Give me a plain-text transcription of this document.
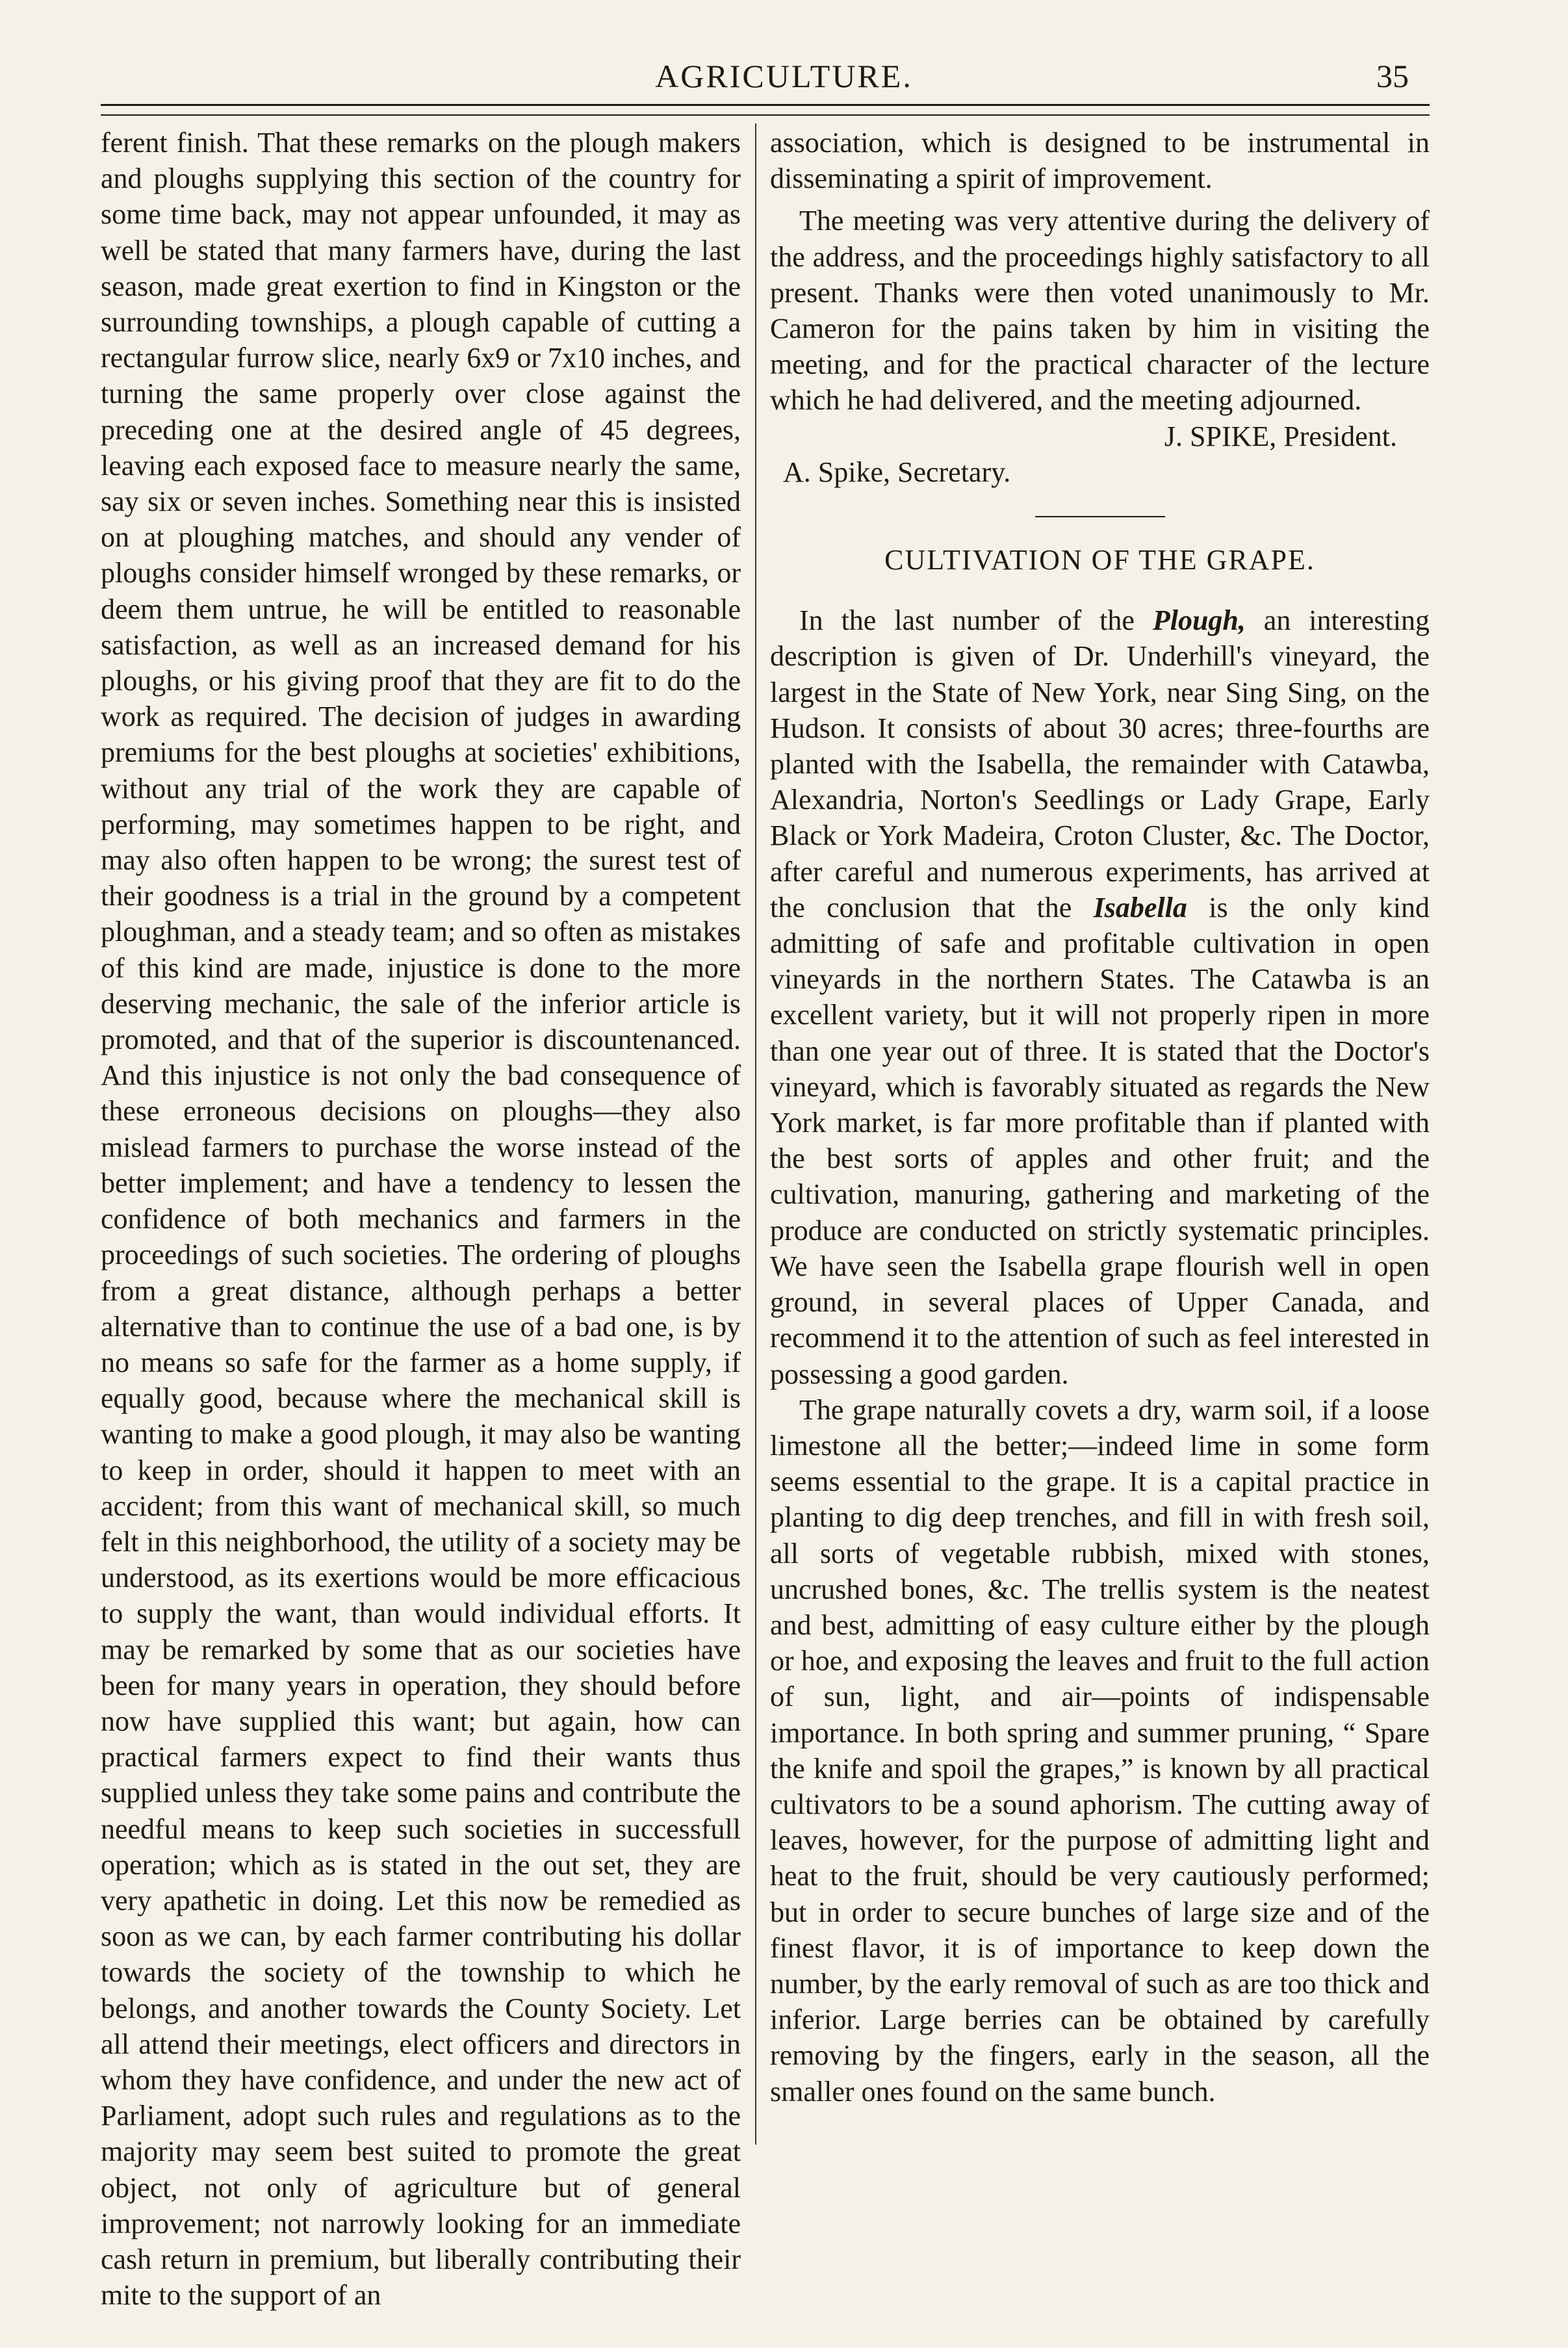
AGRICULTURE.	35

ferent finish. That these remarks on the plough makers and ploughs supplying this section of the country for some time back, may not appear unfounded, it may as well be stated that many farmers have, during the last season, made great exertion to find in Kingston or the surrounding townships, a plough capable of cutting a rectangular furrow slice, nearly 6x9 or 7x10 inches, and turning the same properly over close against the preceding one at the desired angle of 45 degrees, leaving each exposed face to measure nearly the same, say six or seven inches. Something near this is insisted on at ploughing matches, and should any vender of ploughs consider himself wronged by these remarks, or deem them untrue, he will be entitled to reasonable satisfaction, as well as an increased demand for his ploughs, or his giving proof that they are fit to do the work as required. The decision of judges in awarding premiums for the best ploughs at societies' exhibitions, without any trial of the work they are capable of performing, may sometimes happen to be right, and may also often happen to be wrong; the surest test of their goodness is a trial in the ground by a competent ploughman, and a steady team; and so often as mistakes of this kind are made, injustice is done to the more deserving mechanic, the sale of the inferior article is promoted, and that of the superior is discountenanced. And this injustice is not only the bad consequence of these erroneous decisions on ploughs—they also mislead farmers to purchase the worse instead of the better implement; and have a tendency to lessen the confidence of both mechanics and farmers in the proceedings of such societies. The ordering of ploughs from a great distance, although perhaps a better alternative than to continue the use of a bad one, is by no means so safe for the farmer as a home supply, if equally good, because where the mechanical skill is wanting to make a good plough, it may also be wanting to keep in order, should it happen to meet with an accident; from this want of mechanical skill, so much felt in this neighborhood, the utility of a society may be understood, as its exertions would be more efficacious to supply the want, than would individual efforts. It may be remarked by some that as our societies have been for many years in operation, they should before now have supplied this want; but again, how can practical farmers expect to find their wants thus supplied unless they take some pains and contribute the needful means to keep such societies in successfull operation; which as is stated in the out set, they are very apathetic in doing. Let this now be remedied as soon as we can, by each farmer contributing his dollar towards the society of the township to which he belongs, and another towards the County Society. Let all attend their meetings, elect officers and directors in whom they have confidence, and under the new act of Parliament, adopt such rules and regulations as to the majority may seem best suited to promote the great object, not only of agriculture but of general improvement; not narrowly looking for an immediate cash return in premium, but liberally contributing their mite to the support of an

association, which is designed to be instrumental in disseminating a spirit of improvement.

The meeting was very attentive during the delivery of the address, and the proceedings highly satisfactory to all present. Thanks were then voted unanimously to Mr. Cameron for the pains taken by him in visiting the meeting, and for the practical character of the lecture which he had delivered, and the meeting adjourned.

J. SPIKE, President.

A. Spike, Secretary.

CULTIVATION OF THE GRAPE.

In the last number of the Plough, an interesting description is given of Dr. Underhill's vineyard, the largest in the State of New York, near Sing Sing, on the Hudson. It consists of about 30 acres; three-fourths are planted with the Isabella, the remainder with Catawba, Alexandria, Norton's Seedlings or Lady Grape, Early Black or York Madeira, Croton Cluster, &c. The Doctor, after careful and numerous experiments, has arrived at the conclusion that the Isabella is the only kind admitting of safe and profitable cultivation in open vineyards in the northern States. The Catawba is an excellent variety, but it will not properly ripen in more than one year out of three. It is stated that the Doctor's vineyard, which is favorably situated as regards the New York market, is far more profitable than if planted with the best sorts of apples and other fruit; and the cultivation, manuring, gathering and marketing of the produce are conducted on strictly systematic principles. We have seen the Isabella grape flourish well in open ground, in several places of Upper Canada, and recommend it to the attention of such as feel interested in possessing a good garden.

The grape naturally covets a dry, warm soil, if a loose limestone all the better;—indeed lime in some form seems essential to the grape. It is a capital practice in planting to dig deep trenches, and fill in with fresh soil, all sorts of vegetable rubbish, mixed with stones, uncrushed bones, &c. The trellis system is the neatest and best, admitting of easy culture either by the plough or hoe, and exposing the leaves and fruit to the full action of sun, light, and air—points of indispensable importance. In both spring and summer pruning, “ Spare the knife and spoil the grapes,” is known by all practical cultivators to be a sound aphorism. The cutting away of leaves, however, for the purpose of admitting light and heat to the fruit, should be very cautiously performed; but in order to secure bunches of large size and of the finest flavor, it is of importance to keep down the number, by the early removal of such as are too thick and inferior. Large berries can be obtained by carefully removing by the fingers, early in the season, all the smaller ones found on the same bunch.
